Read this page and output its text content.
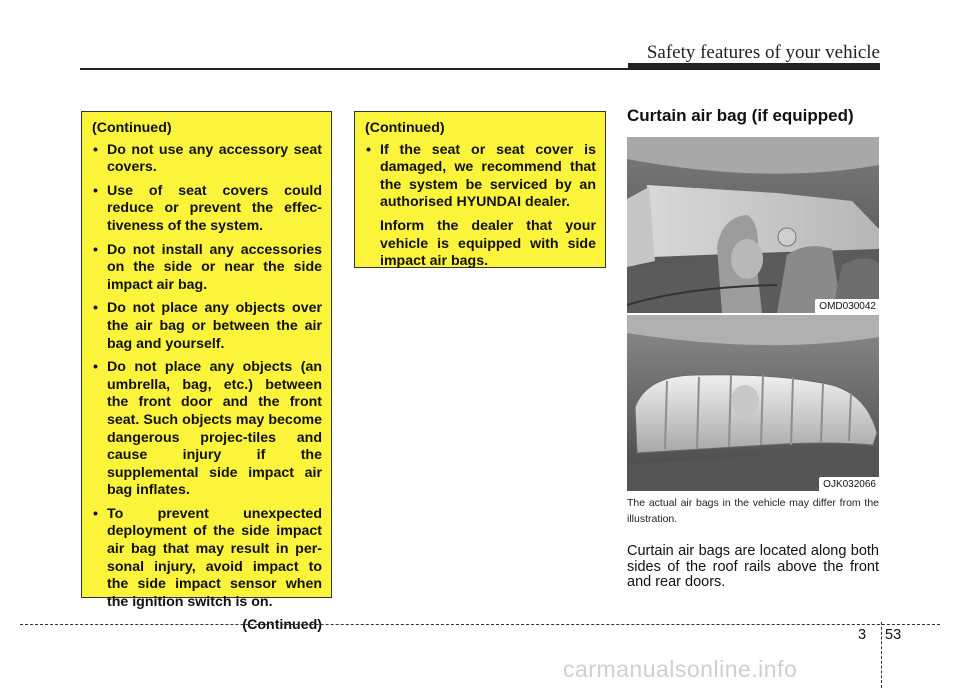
Safety features of your vehicle
(Continued)
• Do not use any accessory seat covers.
• Use of seat covers could reduce or prevent the effec-tiveness of the system.
• Do not install any accessories on the side or near the side impact air bag.
• Do not place any objects over the air bag or between the air bag and yourself.
• Do not place any objects (an umbrella, bag, etc.) between the front door and the front seat. Such objects may become dangerous projec-tiles and cause injury if the supplemental side impact air bag inflates.
• To prevent unexpected deployment of the side impact air bag that may result in per-sonal injury, avoid impact to the side impact sensor when the ignition switch is on.
(Continued)
(Continued)
• If the seat or seat cover is damaged, we recommend that the system be serviced by an authorised HYUNDAI dealer.
Inform the dealer that your vehicle is equipped with side impact air bags.
Curtain air bag (if equipped)
OMD030042
OJK032066
The actual air bags in the vehicle may differ from the illustration.
Curtain air bags are located along both sides of the roof rails above the front and rear doors.
3 53
carmanualsonline.info
